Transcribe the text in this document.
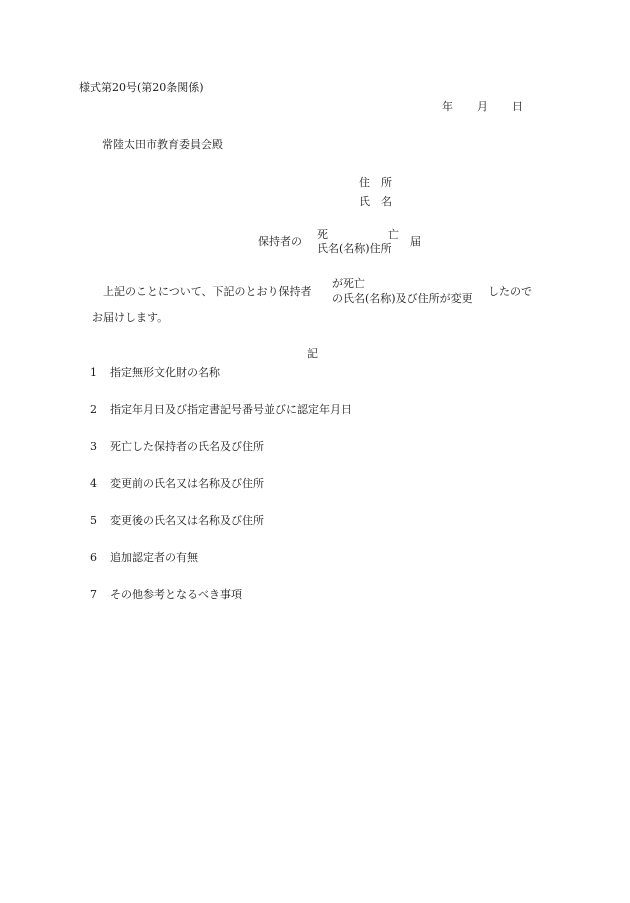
様式第20号(第20条関係)
年 月 日
常陸太田市教育委員会殿
住 所
氏 名
保持者の
死	亡
氏名(名称)住所
届
上記のことについて、下記のとおり保持者
が死亡
の氏名(名称)及び住所が変更
したので
お届けします。
記
1 指定無形文化財の名称
2 指定年月日及び指定書記号番号並びに認定年月日
3 死亡した保持者の氏名及び住所
4 変更前の氏名又は名称及び住所
5 変更後の氏名又は名称及び住所
6 追加認定者の有無
7 その他参考となるべき事項
